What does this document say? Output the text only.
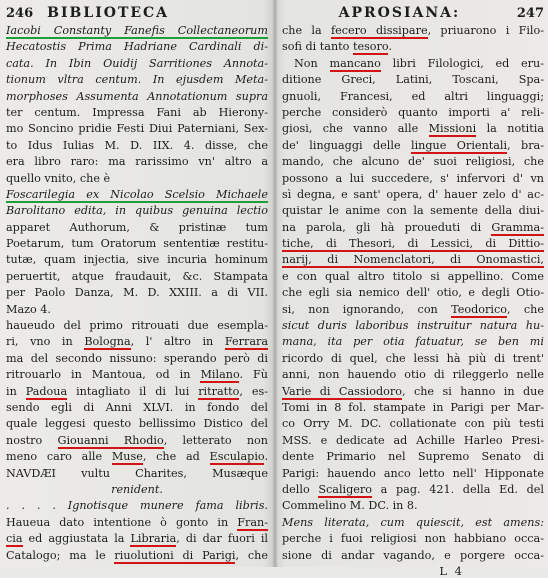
246	BIBLIOTECA
Iacobi Constanty Fanefis Collectaneorum
Hecatostis Prima Hadriane Cardinali di-
cata. In Ibin Ouidij Sarritiones Annota-
tionum vltra centum. In ejusdem Meta-
morphoses Assumenta Annotationum supra
ter centum. Impressa Fani ab Hierony-
mo Soncino pridie Festi Diui Paterniani, Sex-
to Idus Iulias M. D. IIX. 4. disse, che
era libro raro: ma rarissimo vn' altro a
quello vnito, che è
Foscarilegia ex Nicolao Scelsio Michaele
Barolitano edita, in quibus genuina lectio
apparet Authorum, & pristinæ tum
Poetarum, tum Oratorum sententiæ restitu-
tutæ, quam injectia, sive incuria hominum
peruertit, atque fraudauit, &c. Stampata
per Paolo Danza, M. D. XXIII. a di VII.
Mazo 4.
haueudo del primo ritrouati due esempla-
ri, vno in Bologna, l' altro in Ferrara
ma del secondo nissuno: sperando però di
ritrouarlo in Mantoua, od in Milano. Fù
in Padoua intagliato il di lui ritratto, es-
sendo egli di Anni XLVI. in fondo del
quale leggesi questo bellissimo Distico del
nostro Giouanni Rhodio, letterato non
meno caro alle Muse, che ad Esculapio.
NAVDÆI vultu Charites, Musæque
renident.
. . . . Ignotisque munere fama libris.
Haueua dato intentione ò gonto in Fran-
cia ed aggiustata la Libraria, di dar fuori il
Catalogo; ma le riuolutioni di Parigi, che
APROSIANA:	247
che la fecero dissipare, priuarono i Filo-
sofi di tanto tesoro.
Non mancano libri Filologici, ed eru-
ditione Greci, Latini, Toscani, Spa-
gnuoli, Francesi, ed altri linguaggi;
perche considerò quanto importi a' reli-
giosi, che vanno alle Missioni la notitia
de' linguaggi delle lingue Orientali, bra-
mando, che alcuno de' suoi religiosi, che
possono a lui succedere, s' infervori d' vn
sì degna, e sant' opera, d' hauer zelo d' ac-
quistar le anime con la semente della diui-
na parola, gli hà proueduti di Gramma-
tiche, di Thesori, di Lessici, di Dittio-
narij, di Nomenclatori, di Onomastici,
e con qual altro titolo si appellino. Come
che egli sia nemico dell' otio, e degli Otio-
si, non ignorando, con Teodorico, che
sicut duris laboribus instruitur natura hu-
mana, ita per otia fatuatur, se ben mi
ricordo di quel, che lessi hà più di trent'
anni, non hauendo otio di rileggerlo nelle
Varie di Cassiodoro, che si hanno in due
Tomi in 8 fol. stampate in Parigi per Mar-
co Orry M. DC. collationate con più testi
MSS. e dedicate ad Achille Harleo Presi-
dente Primario nel Supremo Senato di
Parigi: hauendo anco letto nell' Hipponate
dello Scaligero a pag. 421. della Ed. del
Commelino M. DC. in 8.
Mens literata, cum quiescit, est amens:
perche i fuoi religiosi non habbiano occa-
sione di andar vagando, e porgere occa-
L 4
